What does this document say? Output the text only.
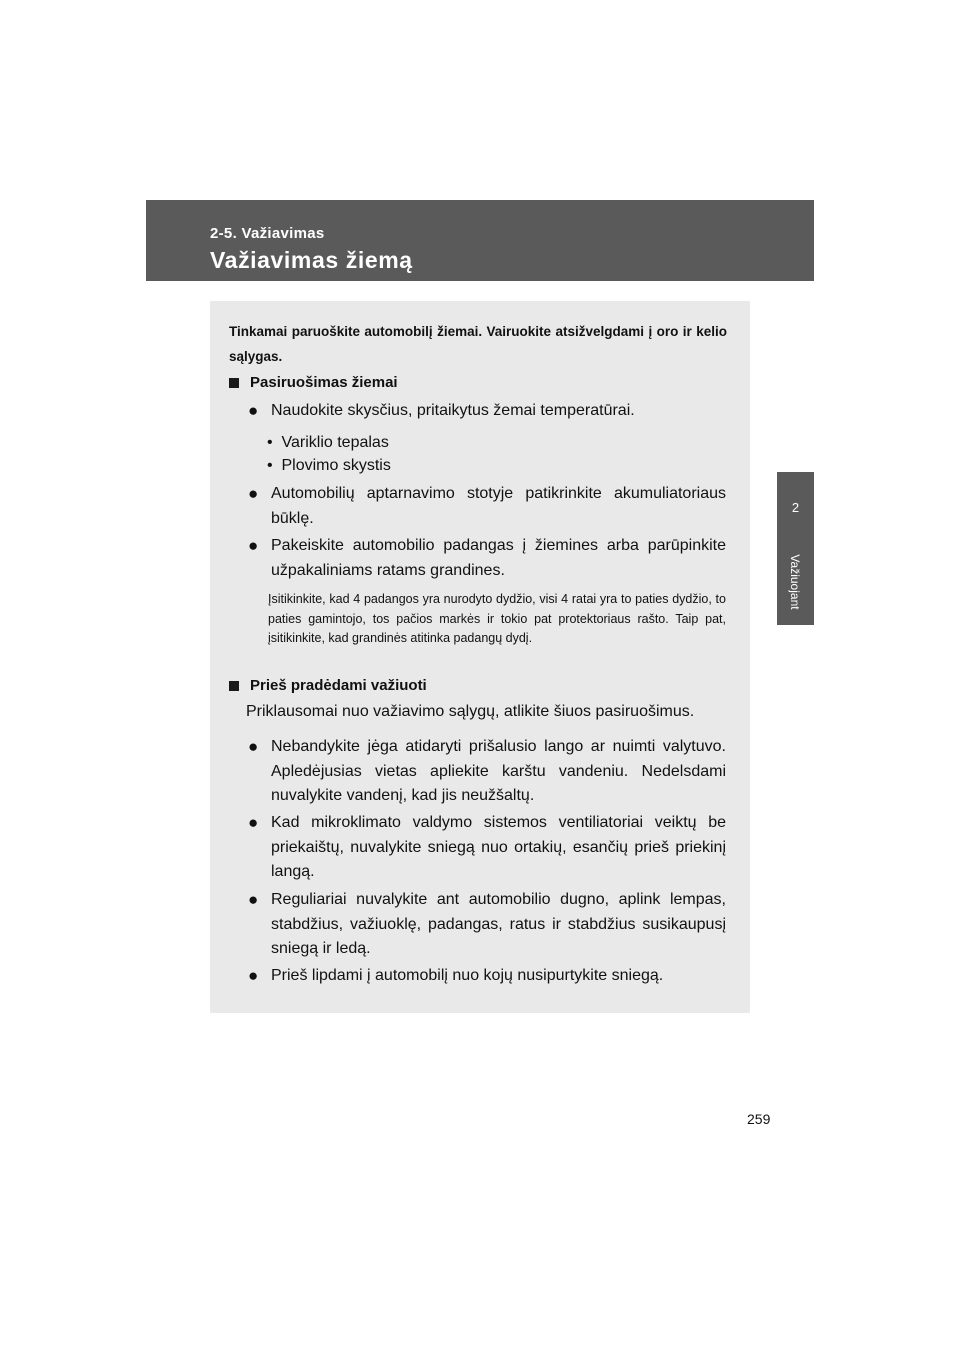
2-5. Važiavimas
Važiavimas žiemą
2
Važiuojant

Tinkamai paruoškite automobilį žiemai. Vairuokite atsižvelgdami į oro ir kelio sąlygas.

Pasiruošimas žiemai
● Naudokite skysčius, pritaikytus žemai temperatūrai.
•  Variklio tepalas
•  Plovimo skystis
● Automobilių aptarnavimo stotyje patikrinkite akumuliatoriaus būklę.
● Pakeiskite automobilio padangas į žiemines arba parūpinkite užpakaliniams ratams grandines.

Įsitikinkite, kad 4 padangos yra nurodyto dydžio, visi 4 ratai yra to paties dydžio, to paties gamintojo, tos pačios markės ir tokio pat protektoriaus rašto. Taip pat, įsitikinkite, kad grandinės atitinka padangų dydį.

Prieš pradėdami važiuoti

Priklausomai nuo važiavimo sąlygų, atlikite šiuos pasiruošimus.

● Nebandykite jėga atidaryti prišalusio lango ar nuimti valytuvo. Apledėjusias vietas apliekite karštu vandeniu. Nedelsdami nuvalykite vandenį, kad jis neužšaltų.
● Kad mikroklimato valdymo sistemos ventiliatoriai veiktų be priekaištų, nuvalykite sniegą nuo ortakių, esančių prieš priekinį langą.
● Reguliariai nuvalykite ant automobilio dugno, aplink lempas, stabdžius, važiuoklę, padangas, ratus ir stabdžius susikaupusį sniegą ir ledą.
● Prieš lipdami į automobilį nuo kojų nusipurtykite sniegą.
259
